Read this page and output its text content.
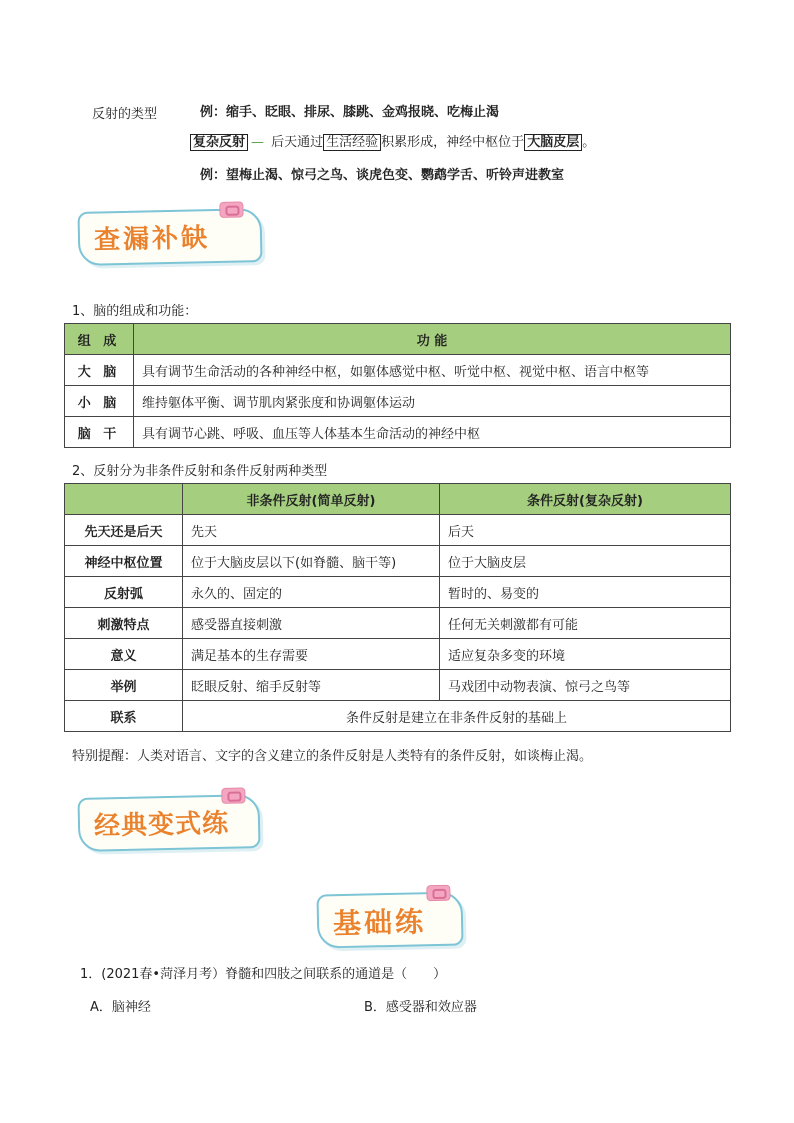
反射的类型	例：缩手、眨眼、排尿、膝跳、金鸡报晓、吃梅止渴
复杂反射 — 后天通过 生活经验 积累形成，神经中枢位于 大脑皮层 。
例：望梅止渴、惊弓之鸟、谈虎色变、鹦鹉学舌、听铃声进教室
查漏补缺
1、脑的组成和功能：
组 成	功 能
大 脑	具有调节生命活动的各种神经中枢，如躯体感觉中枢、听觉中枢、视觉中枢、语言中枢等
小 脑	维持躯体平衡、调节肌肉紧张度和协调躯体运动
脑 干	具有调节心跳、呼吸、血压等人体基本生命活动的神经中枢
2、反射分为非条件反射和条件反射两种类型
	非条件反射(简单反射)	条件反射(复杂反射)
先天还是后天	先天	后天
神经中枢位置	位于大脑皮层以下(如脊髓、脑干等)	位于大脑皮层
反射弧	永久的、固定的	暂时的、易变的
刺激特点	感受器直接刺激	任何无关刺激都有可能
意义	满足基本的生存需要	适应复杂多变的环境
举例	眨眼反射、缩手反射等	马戏团中动物表演、惊弓之鸟等
联系	条件反射是建立在非条件反射的基础上	
特别提醒：人类对语言、文字的含义建立的条件反射是人类特有的条件反射，如谈梅止渴。
经典变式练
基础练
1．(2021春•菏泽月考）脊髓和四肢之间联系的通道是（　　）
A．脑神经	B．感受器和效应器
